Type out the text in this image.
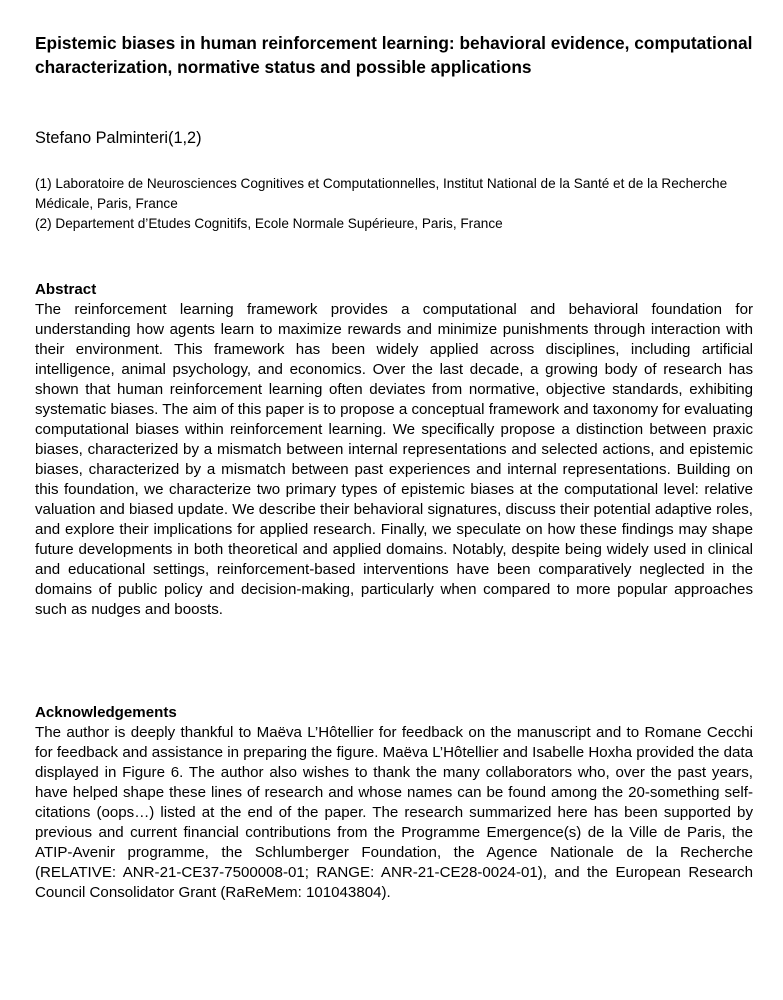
Epistemic biases in human reinforcement learning: behavioral evidence, computational characterization, normative status and possible applications

Stefano Palminteri(1,2)

(1) Laboratoire de Neurosciences Cognitives et Computationnelles, Institut National de la Santé et de la Recherche Médicale, Paris, France
(2) Departement d’Etudes Cognitifs, Ecole Normale Supérieure, Paris, France
Abstract

The reinforcement learning framework provides a computational and behavioral foundation for understanding how agents learn to maximize rewards and minimize punishments through interaction with their environment. This framework has been widely applied across disciplines, including artificial intelligence, animal psychology, and economics. Over the last decade, a growing body of research has shown that human reinforcement learning often deviates from normative, objective standards, exhibiting systematic biases. The aim of this paper is to propose a conceptual framework and taxonomy for evaluating computational biases within reinforcement learning. We specifically propose a distinction between praxic biases, characterized by a mismatch between internal representations and selected actions, and epistemic biases, characterized by a mismatch between past experiences and internal representations. Building on this foundation, we characterize two primary types of epistemic biases at the computational level: relative valuation and biased update. We describe their behavioral signatures, discuss their potential adaptive roles, and explore their implications for applied research. Finally, we speculate on how these findings may shape future developments in both theoretical and applied domains. Notably, despite being widely used in clinical and educational settings, reinforcement-based interventions have been comparatively neglected in the domains of public policy and decision-making, particularly when compared to more popular approaches such as nudges and boosts.

Acknowledgements

The author is deeply thankful to Maëva L’Hôtellier for feedback on the manuscript and to Romane Cecchi for feedback and assistance in preparing the figure. Maëva L’Hôtellier and Isabelle Hoxha provided the data displayed in Figure 6. The author also wishes to thank the many collaborators who, over the past years, have helped shape these lines of research and whose names can be found among the 20-something self-citations (oops…) listed at the end of the paper. The research summarized here has been supported by previous and current financial contributions from the Programme Emergence(s) de la Ville de Paris, the ATIP-Avenir programme, the Schlumberger Foundation, the Agence Nationale de la Recherche (RELATIVE: ANR-21-CE37-7500008-01; RANGE: ANR-21-CE28-0024-01), and the European Research Council Consolidator Grant (RaReMem: 101043804).
